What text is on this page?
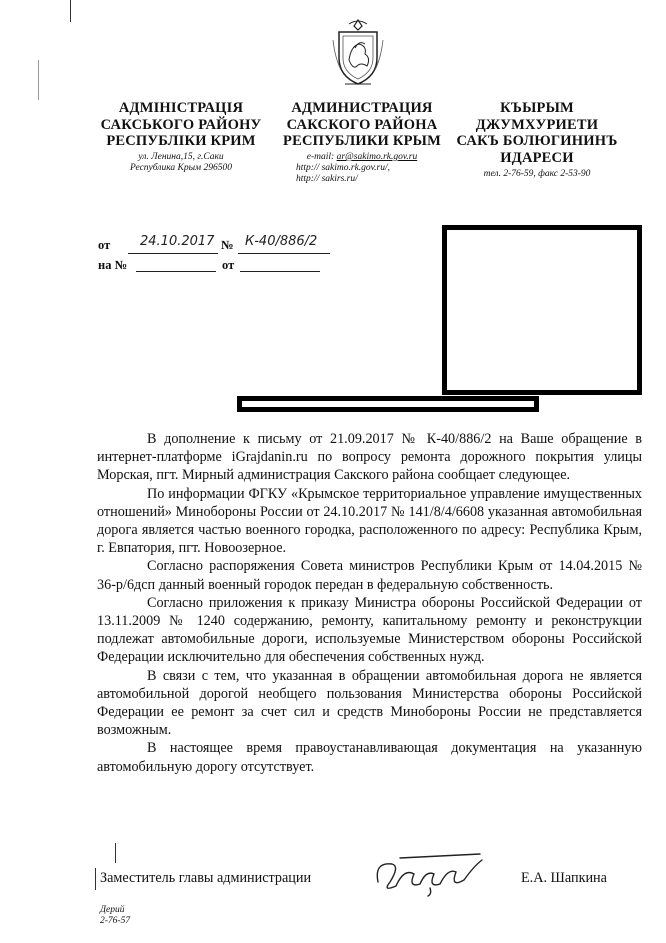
АДМІНІСТРАЦІЯ
САКСЬКОГО РАЙОНУ
РЕСПУБЛІКИ КРИМ
ул. Ленина,15, г.Саки
Республика Крым 296500
АДМИНИСТРАЦИЯ
САКСКОГО РАЙОНА
РЕСПУБЛИКИ КРЫМ
e-mail: ar@sakimo.rk.gov.ru
http:// sakimo.rk.gov.ru/,
http:// sakirs.ru/
КЪЫРЫМ ДЖУМХУРИЕТИ
САКЪ БОЛЮГИНИНЪ
ИДАРЕСИ
тел. 2-76-59, факс 2-53-90
от 24.10.2017 № К-40/886/2
на №	от

В дополнение к письму от 21.09.2017 № К-40/886/2 на Ваше обращение в интернет-платформе iGrajdanin.ru по вопросу ремонта дорожного покрытия улицы Морская, пгт. Мирный администрация Сакского района сообщает следующее.

По информации ФГКУ «Крымское территориальное управление имущественных отношений» Минобороны России от 24.10.2017 № 141/8/4/6608 указанная автомобильная дорога является частью военного городка, расположенного по адресу: Республика Крым, г. Евпатория, пгт. Новоозерное.

Согласно распоряжения Совета министров Республики Крым от 14.04.2015 № 36-р/6дсп данный военный городок передан в федеральную собственность.

Согласно приложения к приказу Министра обороны Российской Федерации от 13.11.2009 № 1240 содержанию, ремонту, капитальному ремонту и реконструкции подлежат автомобильные дороги, используемые Министерством обороны Российской Федерации исключительно для обеспечения собственных нужд.

В связи с тем, что указанная в обращении автомобильная дорога не является автомобильной дорогой необщего пользования Министерства обороны Российской Федерации ее ремонт за счет сил и средств Минобороны России не представляется возможным.

В настоящее время правоустанавливающая документация на указанную автомобильную дорогу отсутствует.

Заместитель главы администрации	Е.А. Шапкина
Дерий
2-76-57
